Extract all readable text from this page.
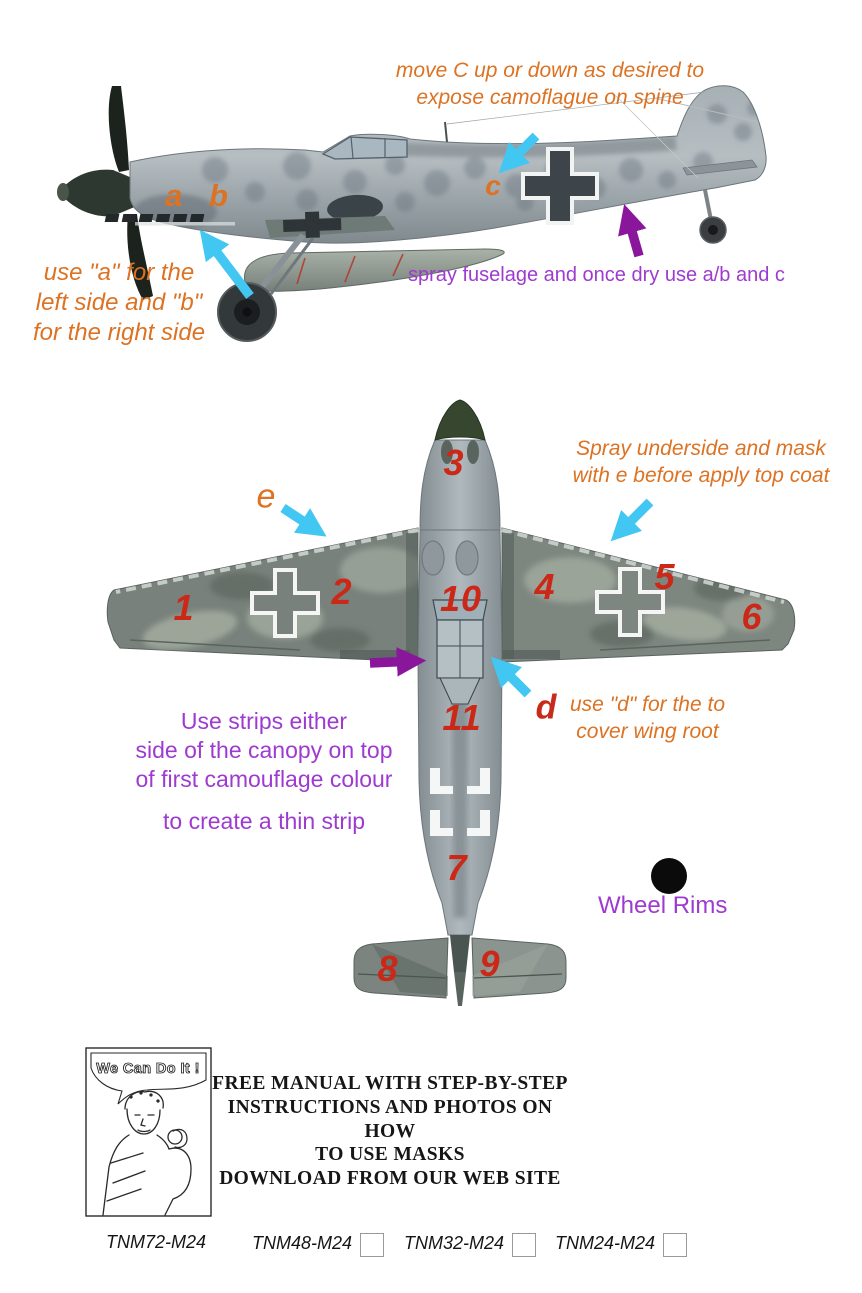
move C up or down as desired to
expose camoflague on spine
a b	c
use "a" for the
left side and "b"
for the right side
spray fuselage and once dry use a/b and c
Spray underside and mask
with e before apply top coat
e
d use "d" for the to
cover wing root
Use strips either
side of the canopy on top
of first camouflage colour
to create a thin strip
1	2
3
4	5
6
7
8 9
10
11
Wheel Rims
We Can Do It !
FREE MANUAL WITH STEP-BY-STEP
INSTRUCTIONS AND PHOTOS ON HOW
TO USE MASKS
DOWNLOAD FROM OUR WEB SITE
TNM72-M24	TNM48-M24	TNM32-M24	TNM24-M24
